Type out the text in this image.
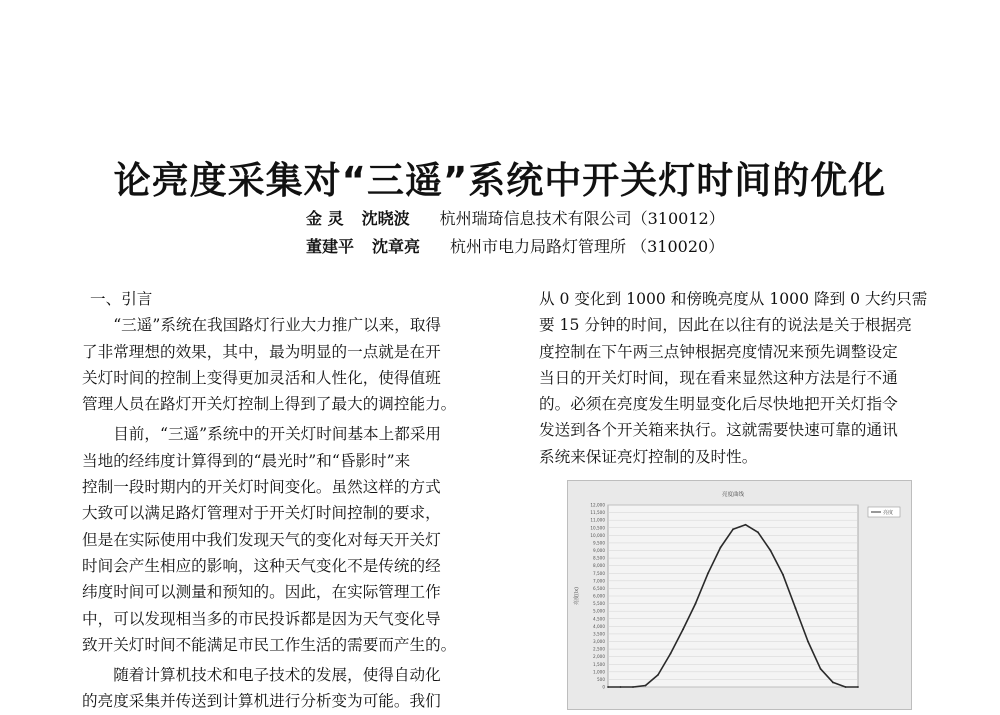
论亮度采集对“三遥”系统中开关灯时间的优化
金 灵 沈晓波 杭州瑞琦信息技术有限公司（310012）
董建平 沈章亮 杭州市电力局路灯管理所 （310020）

一、引言

“三遥”系统在我国路灯行业大力推广以来，取得

了非常理想的效果，其中，最为明显的一点就是在开

关灯时间的控制上变得更加灵活和人性化，使得值班

管理人员在路灯开关灯控制上得到了最大的调控能力。

目前，“三遥”系统中的开关灯时间基本上都采用

当地的经纬度计算得到的“晨光时”和“昏影时”来

控制一段时期内的开关灯时间变化。虽然这样的方式

大致可以满足路灯管理对于开关灯时间控制的要求，

但是在实际使用中我们发现天气的变化对每天开关灯

时间会产生相应的影响，这种天气变化不是传统的经

纬度时间可以测量和预知的。因此，在实际管理工作

中，可以发现相当多的市民投诉都是因为天气变化导

致开关灯时间不能满足市民工作生活的需要而产生的。

随着计算机技术和电子技术的发展，使得自动化

的亮度采集并传送到计算机进行分析变为可能。我们

从 0 变化到 1000 和傍晚亮度从 1000 降到 0 大约只需

要 15 分钟的时间，因此在以往有的说法是关于根据亮

度控制在下午两三点钟根据亮度情况来预先调整设定

当日的开关灯时间，现在看来显然这种方法是行不通

的。必须在亮度发生明显变化后尽快地把开关灯指令

发送到各个开关箱来执行。这就需要快速可靠的通讯

系统来保证亮灯控制的及时性。

12,000
11,500
11,000
10,500
10,000
9,500
9,000
8,500
8,000
7,500
7,000
6,500
6,000
5,500
5,000
4,500
4,000
3,500
3,000
2,500
2,000
1,500
1,000
500
0
亮度曲线
亮度(lx)
亮度
